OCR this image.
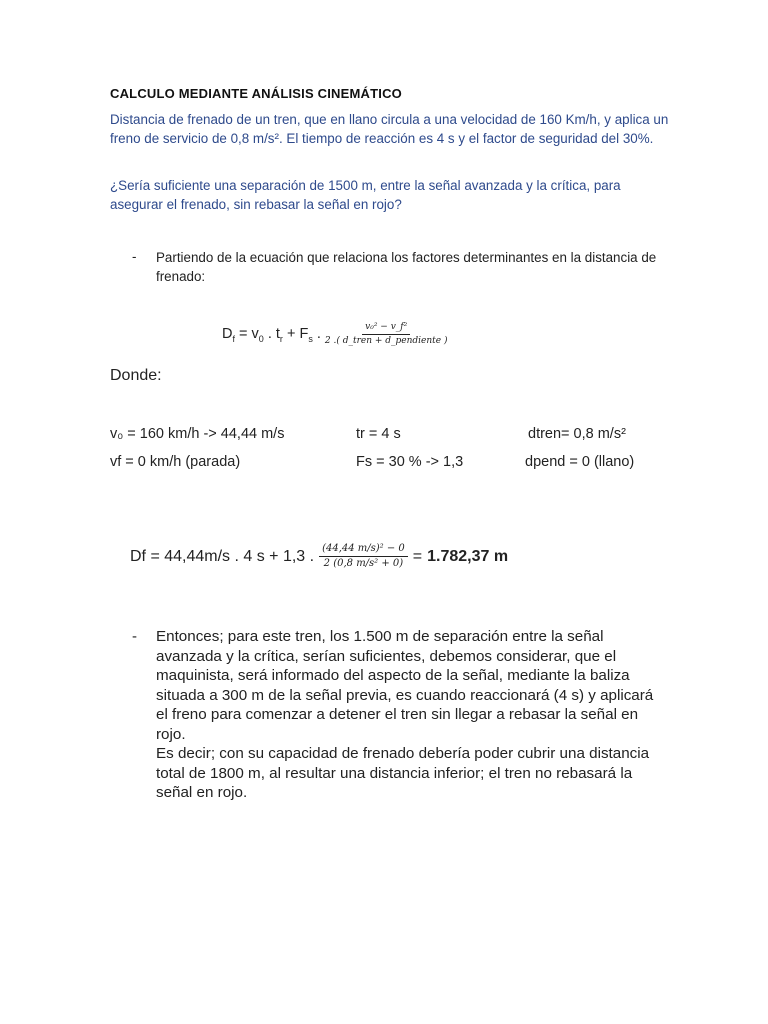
CALCULO MEDIANTE ANÁLISIS CINEMÁTICO
Distancia de frenado de un tren, que en llano circula a una velocidad de 160 Km/h, y aplica un freno de servicio de 0,8 m/s². El tiempo de reacción es 4 s y el factor de seguridad del 30%.
¿Sería suficiente una separación de 1500 m, entre la señal avanzada y la crítica, para asegurar el frenado, sin rebasar la señal en rojo?
- Partiendo de la ecuación que relaciona los factores determinantes en la distancia de frenado:
$D_f = v_0$ . $t_r + F_s$ . $\frac{\text{v₀² − v\_f²}}{\text{2 .( d\_tren + d\_pendiente )}}$
Donde:
v₀ = 160 km/h -> 44,44 m/s	tr = 4 s	dtren= 0,8 m/s²
vf = 0 km/h (parada)	Fs = 30 % -> 1,3	dpend = 0 (llano)
Df = 44,44m/s . 4 s + 1,3 . $\frac{\text{(44,44 m/s)² − 0}}{\text{2 (0,8 m/s² + 0)}} = 1.782,37$ m
- Entonces; para este tren, los 1.500 m de separación entre la señal avanzada y la crítica, serían suficientes, debemos considerar, que el maquinista, será informado del aspecto de la señal, mediante la baliza situada a 300 m de la señal previa, es cuando reaccionará (4 s) y aplicará el freno para comenzar a detener el tren sin llegar a rebasar la señal en rojo.
Es decir; con su capacidad de frenado debería poder cubrir una distancia total de 1800 m, al resultar una distancia inferior; el tren no rebasará la señal en rojo.
